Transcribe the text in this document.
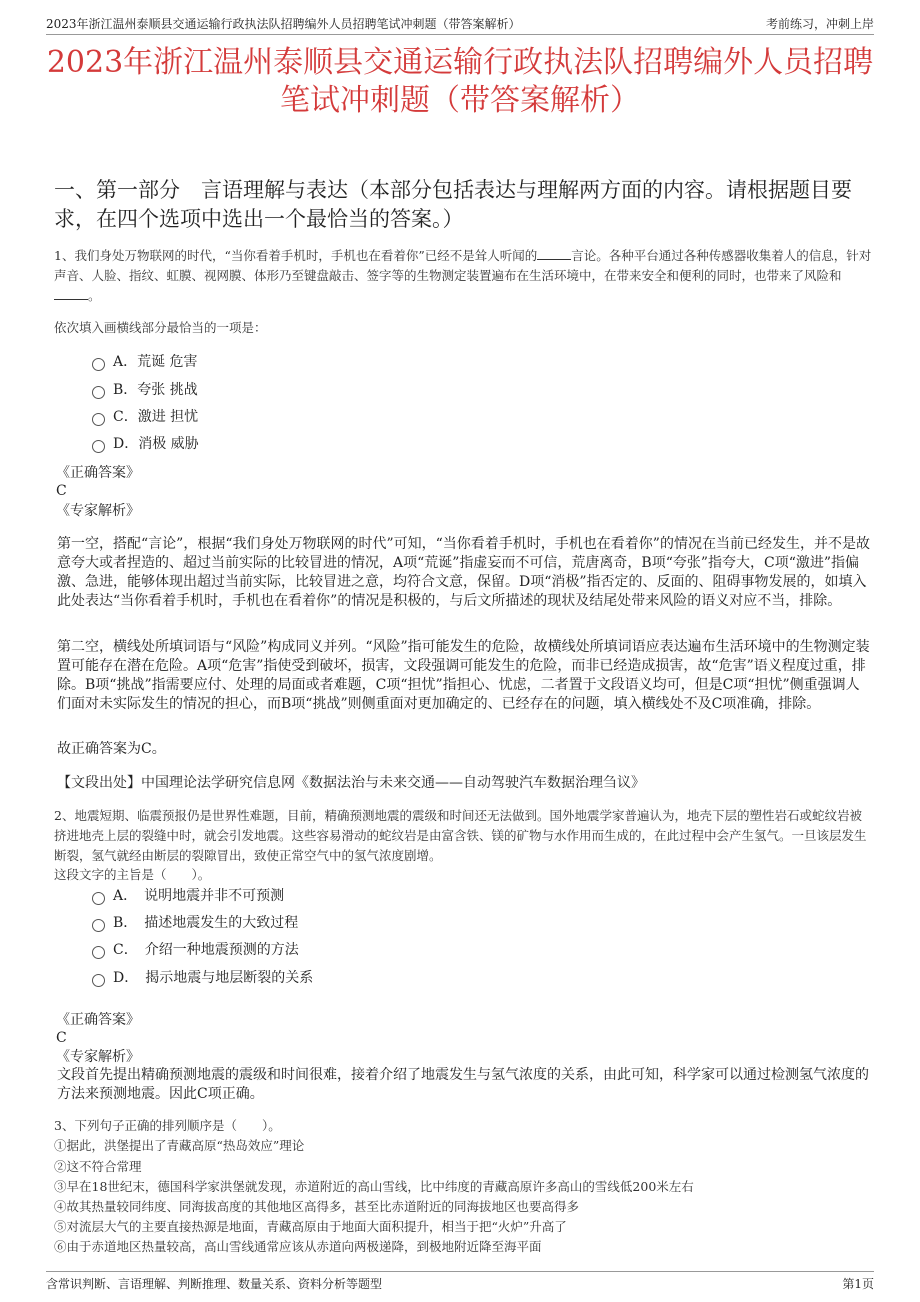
2023年浙江温州泰顺县交通运输行政执法队招聘编外人员招聘笔试冲刺题（带答案解析）	考前练习，冲刺上岸
2023年浙江温州泰顺县交通运输行政执法队招聘编外人员招聘笔试冲刺题（带答案解析）
一、第一部分　言语理解与表达（本部分包括表达与理解两方面的内容。请根据题目要求，在四个选项中选出一个最恰当的答案。）
1、我们身处万物联网的时代，“当你看着手机时，手机也在看着你”已经不是耸人听闻的	言论。各种平台通过各种传感器收集着人的信息，针对声音、人脸、指纹、虹膜、视网膜、体形乃至键盘敲击、签字等的生物测定装置遍布在生活环境中，在带来安全和便利的同时，也带来了风险和。
依次填入画横线部分最恰当的一项是：
A．荒诞 危害
B．夸张 挑战
C．激进 担忧
D．消极 威胁
《正确答案》
C
《专家解析》
第一空，搭配“言论”，根据“我们身处万物联网的时代”可知，“当你看着手机时，手机也在看着你”的情况在当前已经发生，并不是故意夸大或者捏造的、超过当前实际的比较冒进的情况，A项“荒诞”指虚妄而不可信，荒唐离奇，B项“夸张”指夸大，C项“激进”指偏激、急进，能够体现出超过当前实际，比较冒进之意，均符合文意，保留。D项“消极”指否定的、反面的、阻碍事物发展的，如填入此处表达“当你看着手机时，手机也在看着你”的情况是积极的，与后文所描述的现状及结尾处带来风险的语义对应不当，排除。
第二空，横线处所填词语与“风险”构成同义并列。“风险”指可能发生的危险，故横线处所填词语应表达遍布生活环境中的生物测定装置可能存在潜在危险。A项“危害”指使受到破坏，损害，文段强调可能发生的危险，而非已经造成损害，故“危害”语义程度过重，排除。B项“挑战”指需要应付、处理的局面或者难题，C项“担忧”指担心、忧虑，二者置于文段语义均可，但是C项“担忧”侧重强调人们面对未实际发生的情况的担心，而B项“挑战”则侧重面对更加确定的、已经存在的问题，填入横线处不及C项准确，排除。
故正确答案为C。
【文段出处】中国理论法学研究信息网《数据法治与未来交通——自动驾驶汽车数据治理刍议》
2、地震短期、临震预报仍是世界性难题，目前，精确预测地震的震级和时间还无法做到。国外地震学家普遍认为，地壳下层的塑性岩石或蛇纹岩被挤进地壳上层的裂缝中时，就会引发地震。这些容易滑动的蛇纹岩是由富含铁、镁的矿物与水作用而生成的，在此过程中会产生氢气。一旦该层发生断裂，氢气就经由断层的裂隙冒出，致使正常空气中的氢气浓度剧增。
这段文字的主旨是（　　）。
A．　说明地震并非不可预测
B．　描述地震发生的大致过程
C．　介绍一种地震预测的方法
D．　揭示地震与地层断裂的关系
《正确答案》
C
《专家解析》
文段首先提出精确预测地震的震级和时间很难，接着介绍了地震发生与氢气浓度的关系，由此可知，科学家可以通过检测氢气浓度的方法来预测地震。因此C项正确。
3、下列句子正确的排列顺序是（　　）。
①据此，洪堡提出了青藏高原“热岛效应”理论
②这不符合常理
③早在18世纪末，德国科学家洪堡就发现，赤道附近的高山雪线，比中纬度的青藏高原许多高山的雪线低200米左右
④故其热量较同纬度、同海拔高度的其他地区高得多，甚至比赤道附近的同海拔地区也要高得多
⑤对流层大气的主要直接热源是地面，青藏高原由于地面大面积提升，相当于把“火炉”升高了
⑥由于赤道地区热量较高，高山雪线通常应该从赤道向两极递降，到极地附近降至海平面
含常识判断、言语理解、判断推理、数量关系、资料分析等题型	第1页
